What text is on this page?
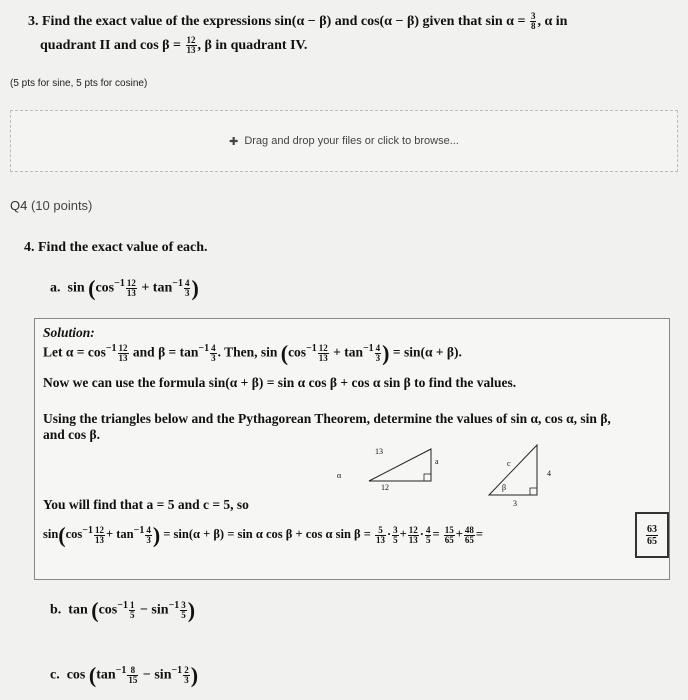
3. Find the exact value of the expressions sin(α − β) and cos(α − β) given that $\sin \alpha = \frac{3}{8}$ , α in
quadrant II and $\cos \beta = \frac{12}{13}$ , β in quadrant IV.
(5 pts for sine, 5 pts for cosine)
✚ Drag and drop your files or click to browse...
Q4 (10 points)
4. Find the exact value of each.
a. $\sin (\cos^{-1} \frac{12}{13} + \tan^{-1} \frac{4}{3}$ )
Solution:
Let $\alpha = \cos^{-1} \frac{12}{13}$ and $\beta = \tan^{-1} \frac{4}{3}$ . Then, $\sin (\cos^{-1} \frac{12}{13} + \tan^{-1} \frac{4}{3}$ ) = sin(α + β).
Now we can use the formula sin(α + β) = sin α cos β + cos α sin β to find the values.
Using the triangles below and the Pythagorean Theorem, determine the values of sin α, cos α, sin β,
and cos β.
13
a
12
α
c
4
3
β
You will find that a = 5 and c = 5, so
$\sin(\cos^{-1} \frac{12}{13} + \tan^{-1} \frac{4}{3}$ ) = sin(α + β) = sin α cos β + cos α $\sin \beta = \frac{5}{13} \cdot \frac{3}{5} + \frac{12}{13} \cdot \frac{4}{5} = \frac{15}{65} + \frac{48}{65}$ =	63
65
b. $\tan (\cos^{-1} \frac{1}{5} - \sin^{-1} \frac{3}{5}$ )
c. $\cos (\tan^{-1} \frac{8}{15} - \sin^{-1} \frac{2}{3}$ )
